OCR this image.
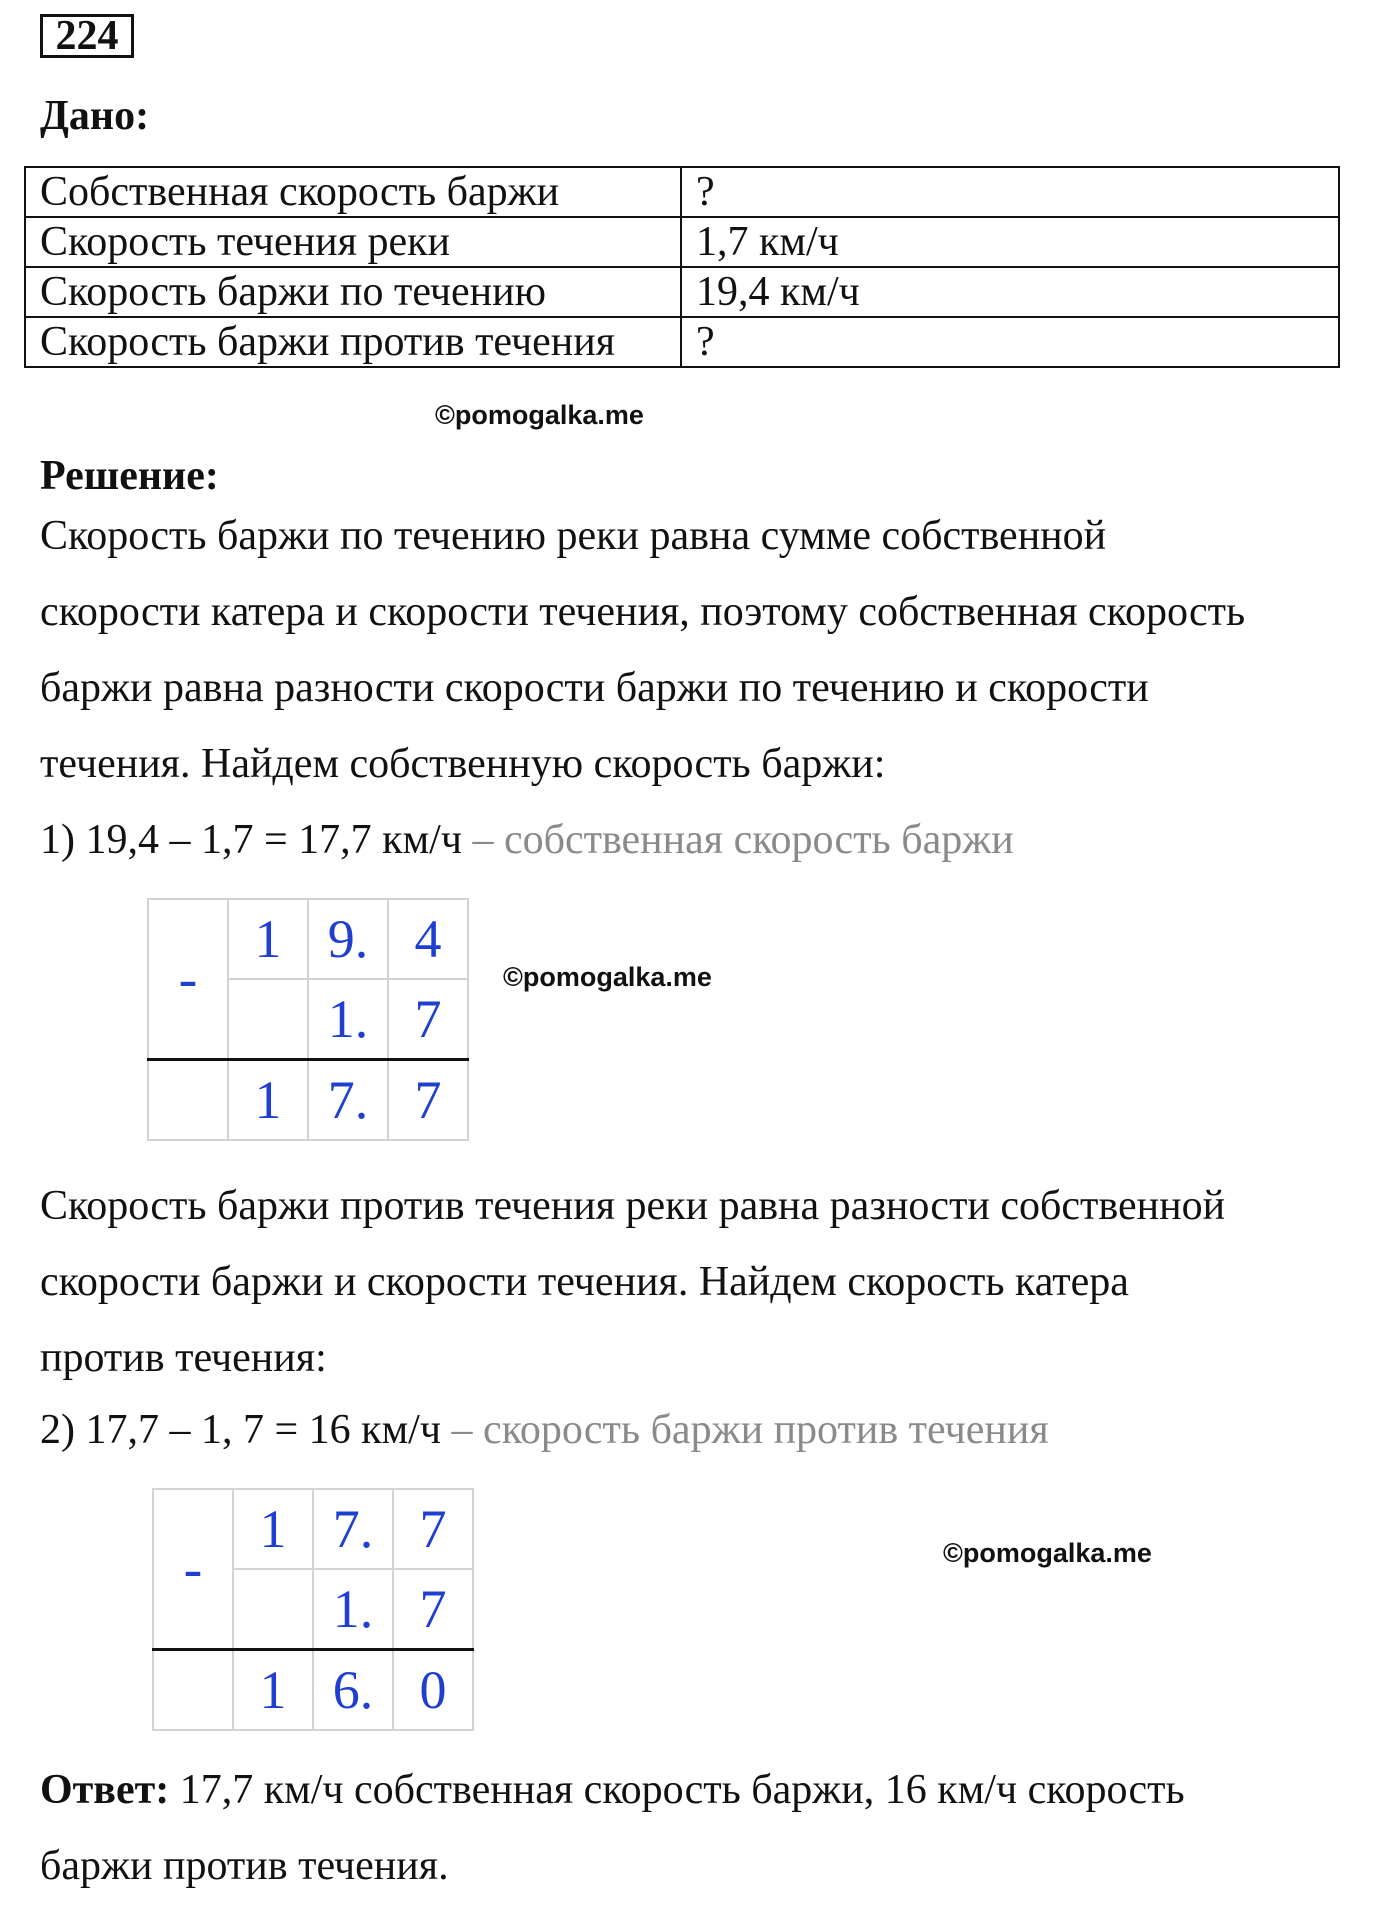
224
Дано:
Собственная скорость баржи	?
Скорость течения реки	1,7 км/ч
Скорость баржи по течению	19,4 км/ч
Скорость баржи против течения	?
©pomogalka.me
Решение:

Скорость баржи по течению реки равна сумме собственной

скорости катера и скорости течения, поэтому собственная скорость

баржи равна разности скорости баржи по течению и скорости

течения. Найдем собственную скорость баржи:

1) 19,4 – 1,7 = 17,7 км/ч – собственная скорость баржи
-	1	9.	4
		1.	7
	1	7.	7
©pomogalka.me

Скорость баржи против течения реки равна разности собственной

скорости баржи и скорости течения. Найдем скорость катера

против течения:

2) 17,7 – 1, 7 = 16 км/ч – скорость баржи против течения
-	1	7.	7
		1.	7
	1	6.	0
©pomogalka.me

Ответ: 17,7 км/ч собственная скорость баржи, 16 км/ч скорость

баржи против течения.
